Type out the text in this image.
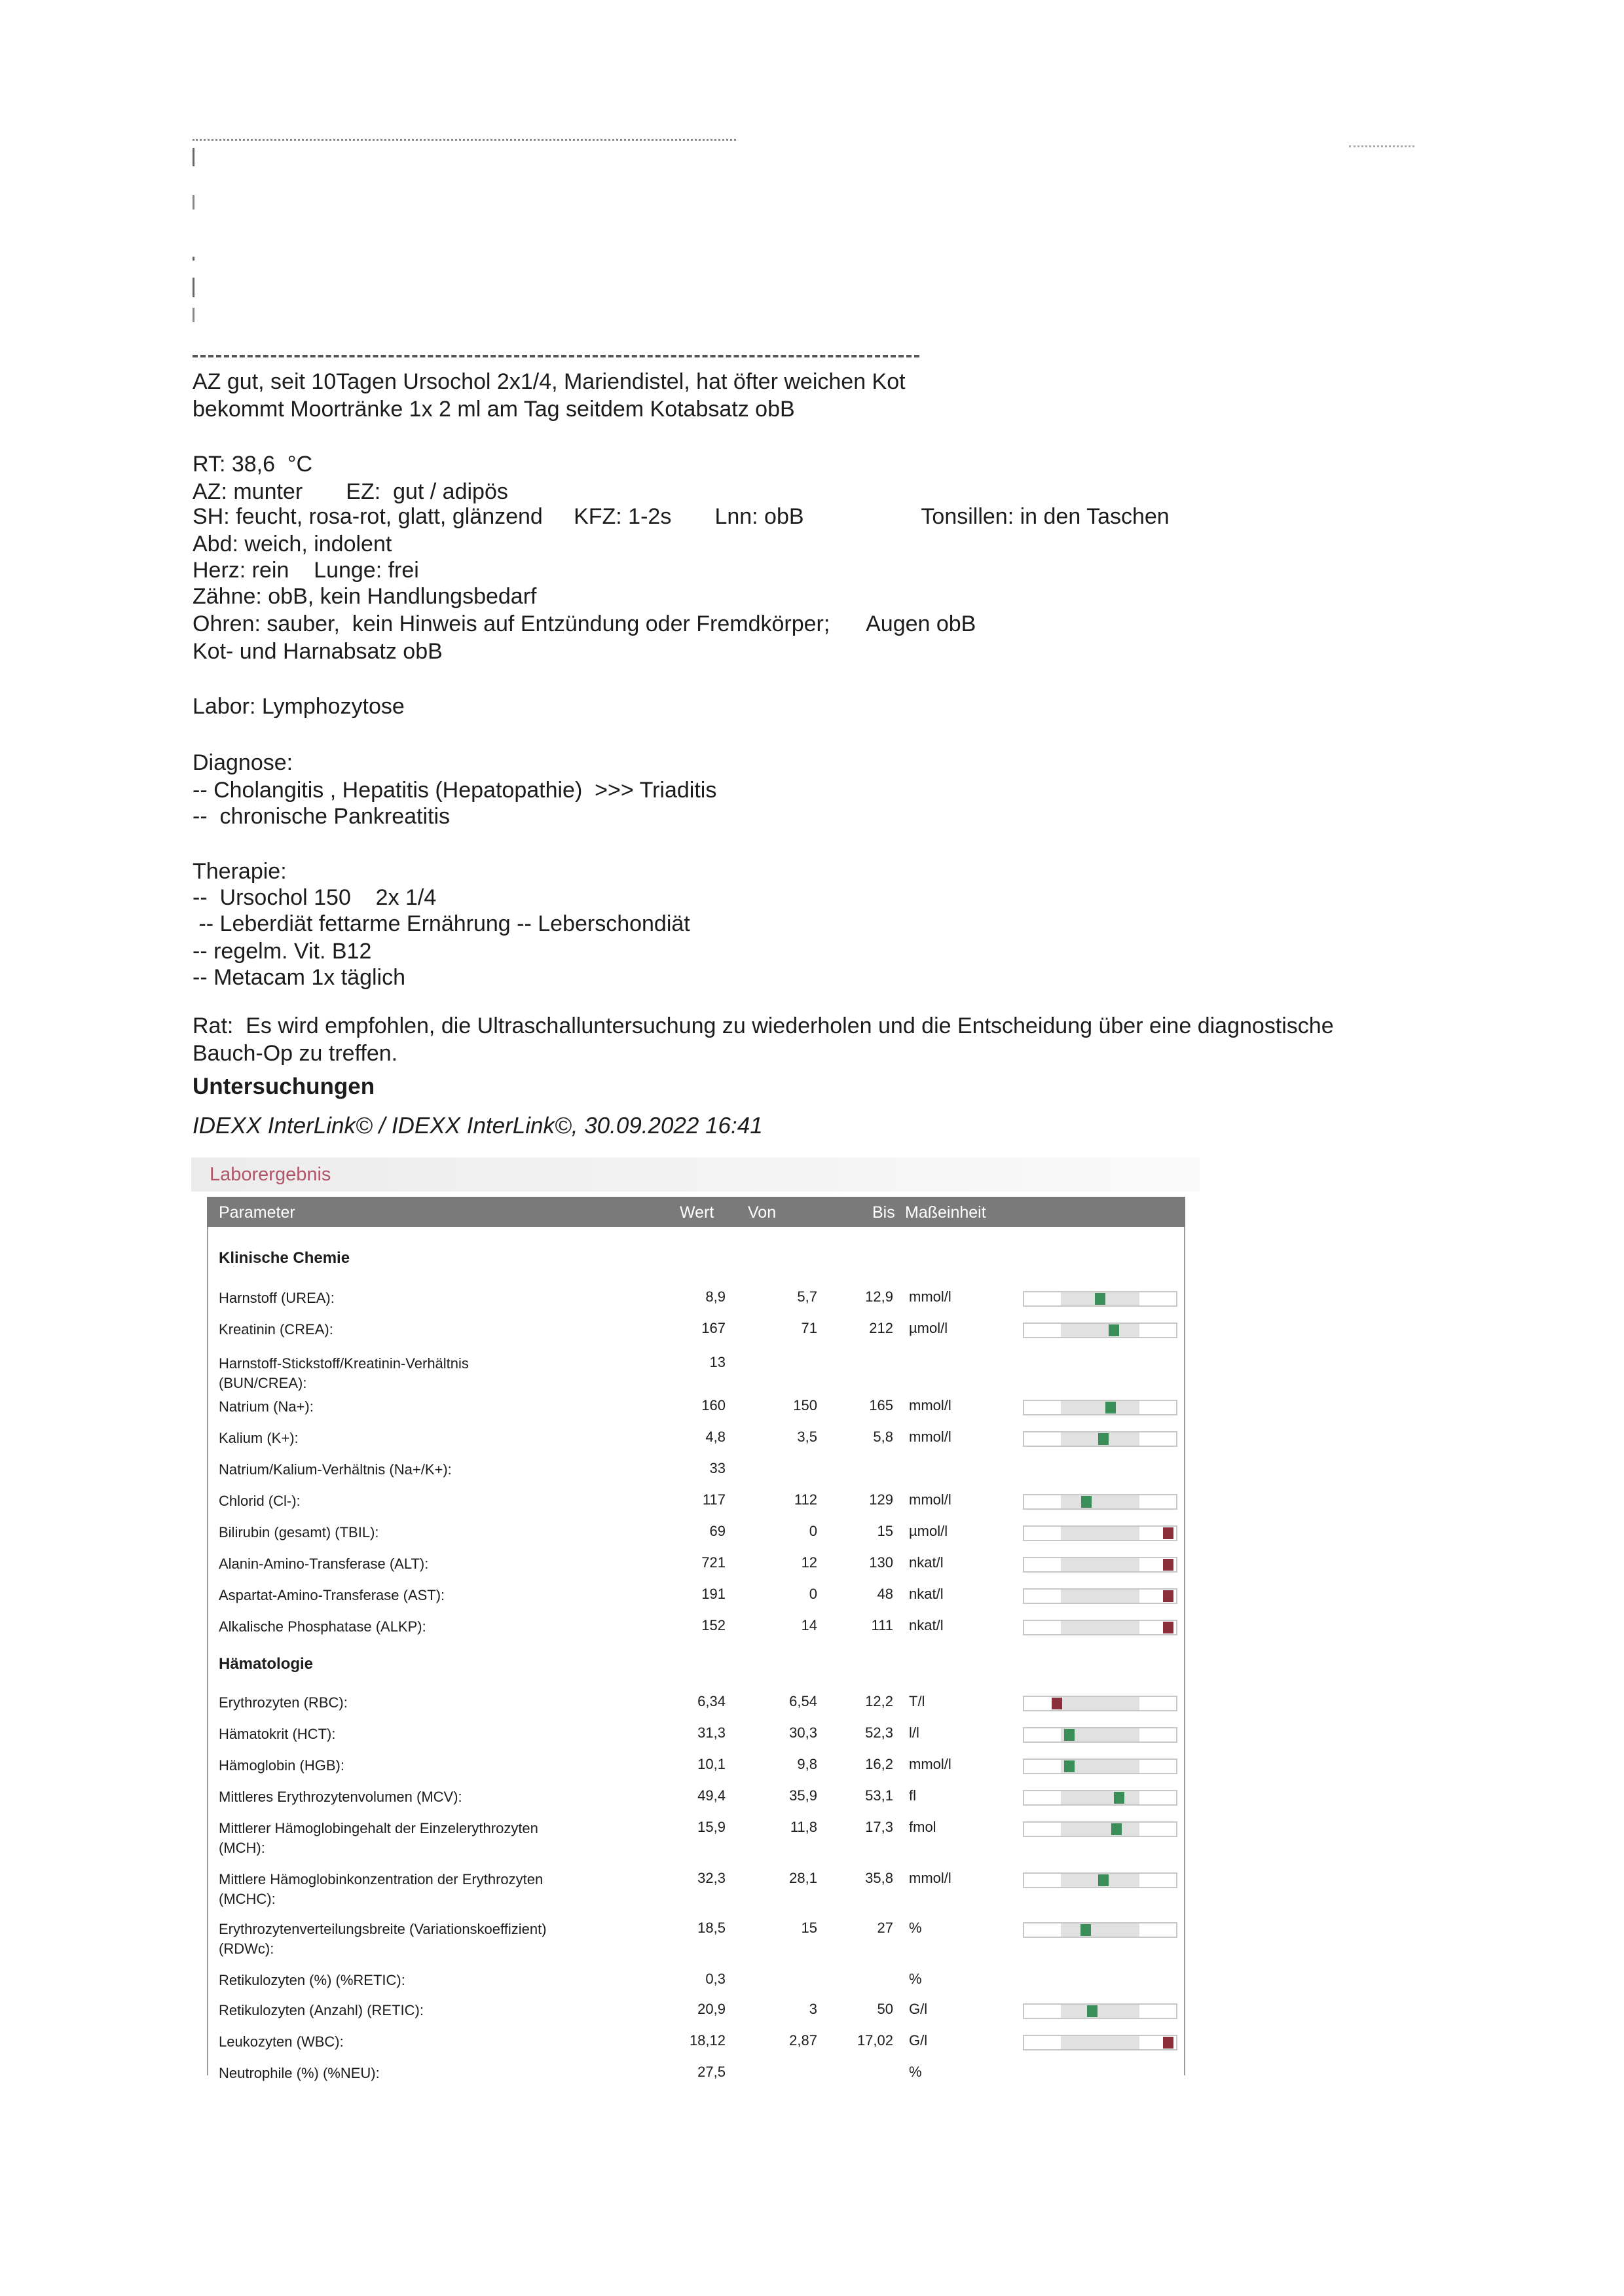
AZ gut, seit 10Tagen Ursochol 2x1/4, Mariendistel, hat öfter weichen Kot
bekommt Moortränke 1x 2 ml am Tag seitdem Kotabsatz obB
RT: 38,6  °C
AZ: munter       EZ:  gut / adipös
SH: feucht, rosa-rot, glatt, glänzend     KFZ: 1-2s       Lnn: obB                   Tonsillen: in den Taschen
Abd: weich, indolent
Herz: rein    Lunge: frei
Zähne: obB, kein Handlungsbedarf
Ohren: sauber,  kein Hinweis auf Entzündung oder Fremdkörper;      Augen obB
Kot- und Harnabsatz obB
Labor: Lymphozytose
Diagnose:
-- Cholangitis , Hepatitis (Hepatopathie)  >>> Triaditis
--  chronische Pankreatitis
Therapie:
--  Ursochol 150    2x 1/4
-- Leberdiät fettarme Ernährung -- Leberschondiät
-- regelm. Vit. B12
-- Metacam 1x täglich
Rat:  Es wird empfohlen, die Ultraschalluntersuchung zu wiederholen und die Entscheidung über eine diagnostische
Bauch-Op zu treffen.
Untersuchungen
IDEXX InterLink© / IDEXX InterLink©, 30.09.2022 16:41
Laborergebnis
Parameter	Wert Von	Bis Maßeinheit
Klinische Chemie
Harnstoff (UREA):	8,9	5,7	12,9 mmol/l
Kreatinin (CREA):	167	71	212 µmol/l
Harnstoff-Stickstoff/Kreatinin-Verhältnis (BUN/CREA):
13
Natrium (Na+):	160	150	165 mmol/l
Kalium (K+):	4,8	3,5	5,8 mmol/l
Natrium/Kalium-Verhältnis (Na+/K+):	33
Chlorid (Cl-):	117	112	129 mmol/l
Bilirubin (gesamt) (TBIL):	69	0	15 µmol/l
Alanin-Amino-Transferase (ALT):	721	12	130 nkat/l
Aspartat-Amino-Transferase (AST):	191	0	48 nkat/l
Alkalische Phosphatase (ALKP):	152	14	111 nkat/l
Hämatologie
Erythrozyten (RBC):	6,34	6,54	12,2 T/l
Hämatokrit (HCT):	31,3	30,3	52,3 l/l
Hämoglobin (HGB):	10,1	9,8	16,2 mmol/l
Mittleres Erythrozytenvolumen (MCV):	49,4	35,9	53,1 fl
Mittlerer Hämoglobingehalt der Einzelerythrozyten (MCH):
15,9	11,8	17,3 fmol
Mittlere Hämoglobinkonzentration der Erythrozyten (MCHC):
32,3	28,1	35,8 mmol/l
Erythrozytenverteilungsbreite (Variationskoeffizient) (RDWc):
18,5	15	27 %
Retikulozyten (%) (%RETIC):	0,3	%
Retikulozyten (Anzahl) (RETIC):	20,9	3	50 G/l
Leukozyten (WBC):	18,12	2,87	17,02 G/l
Neutrophile (%) (%NEU):	27,5	%
